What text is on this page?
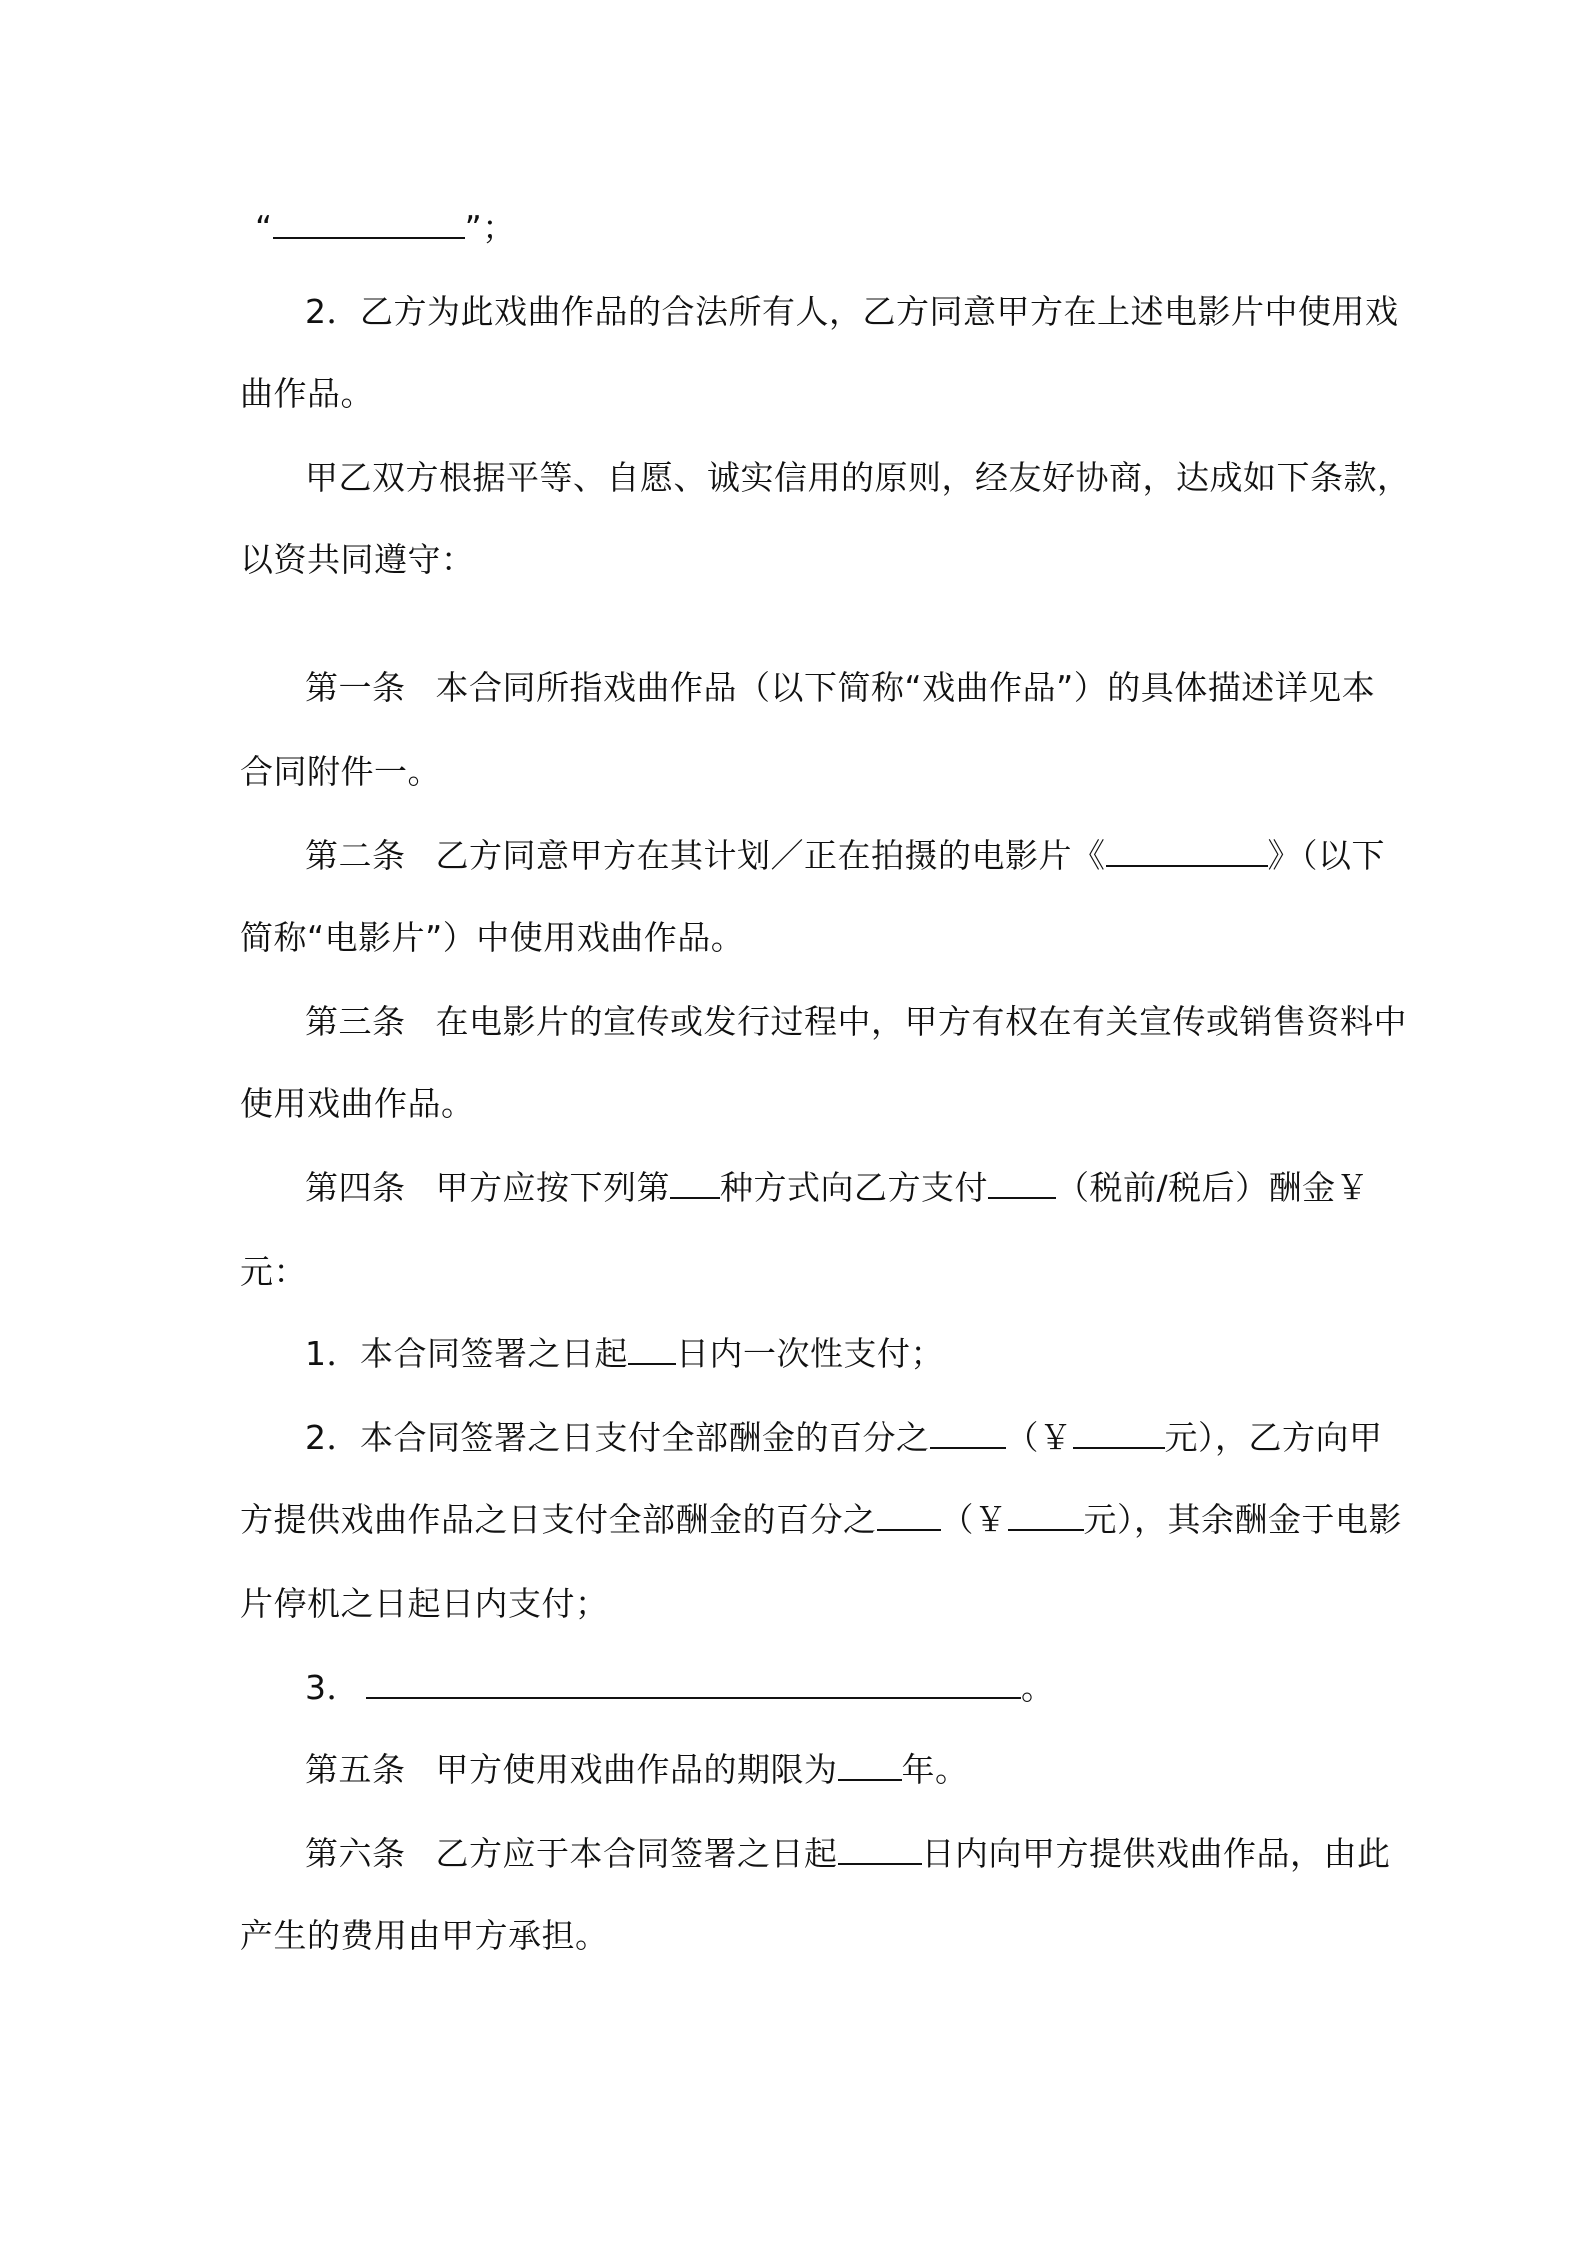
“	”；
2．乙方为此戏曲作品的合法所有人，乙方同意甲方在上述电影片中使用戏
曲作品。
甲乙双方根据平等、自愿、诚实信用的原则，经友好协商，达成如下条款，
以资共同遵守：
第一条 本合同所指戏曲作品（以下简称“戏曲作品”）的具体描述详见本
合同附件一。
第二条 乙方同意甲方在其计划／正在拍摄的电影片《	》（以下
简称“电影片”）中使用戏曲作品。
第三条 在电影片的宣传或发行过程中，甲方有权在有关宣传或销售资料中
使用戏曲作品。
第四条 甲方应按下列第 种方式向乙方支付 （税前/税后）酬金￥
元：
1．本合同签署之日起 日内一次性支付；
2．本合同签署之日支付全部酬金的百分之 （￥	元），乙方向甲
方提供戏曲作品之日支付全部酬金的百分之 （￥ 元），其余酬金于电影
片停机之日起日内支付；
3．	。
第五条 甲方使用戏曲作品的期限为 年。
第六条 乙方应于本合同签署之日起	日内向甲方提供戏曲作品，由此
产生的费用由甲方承担。
